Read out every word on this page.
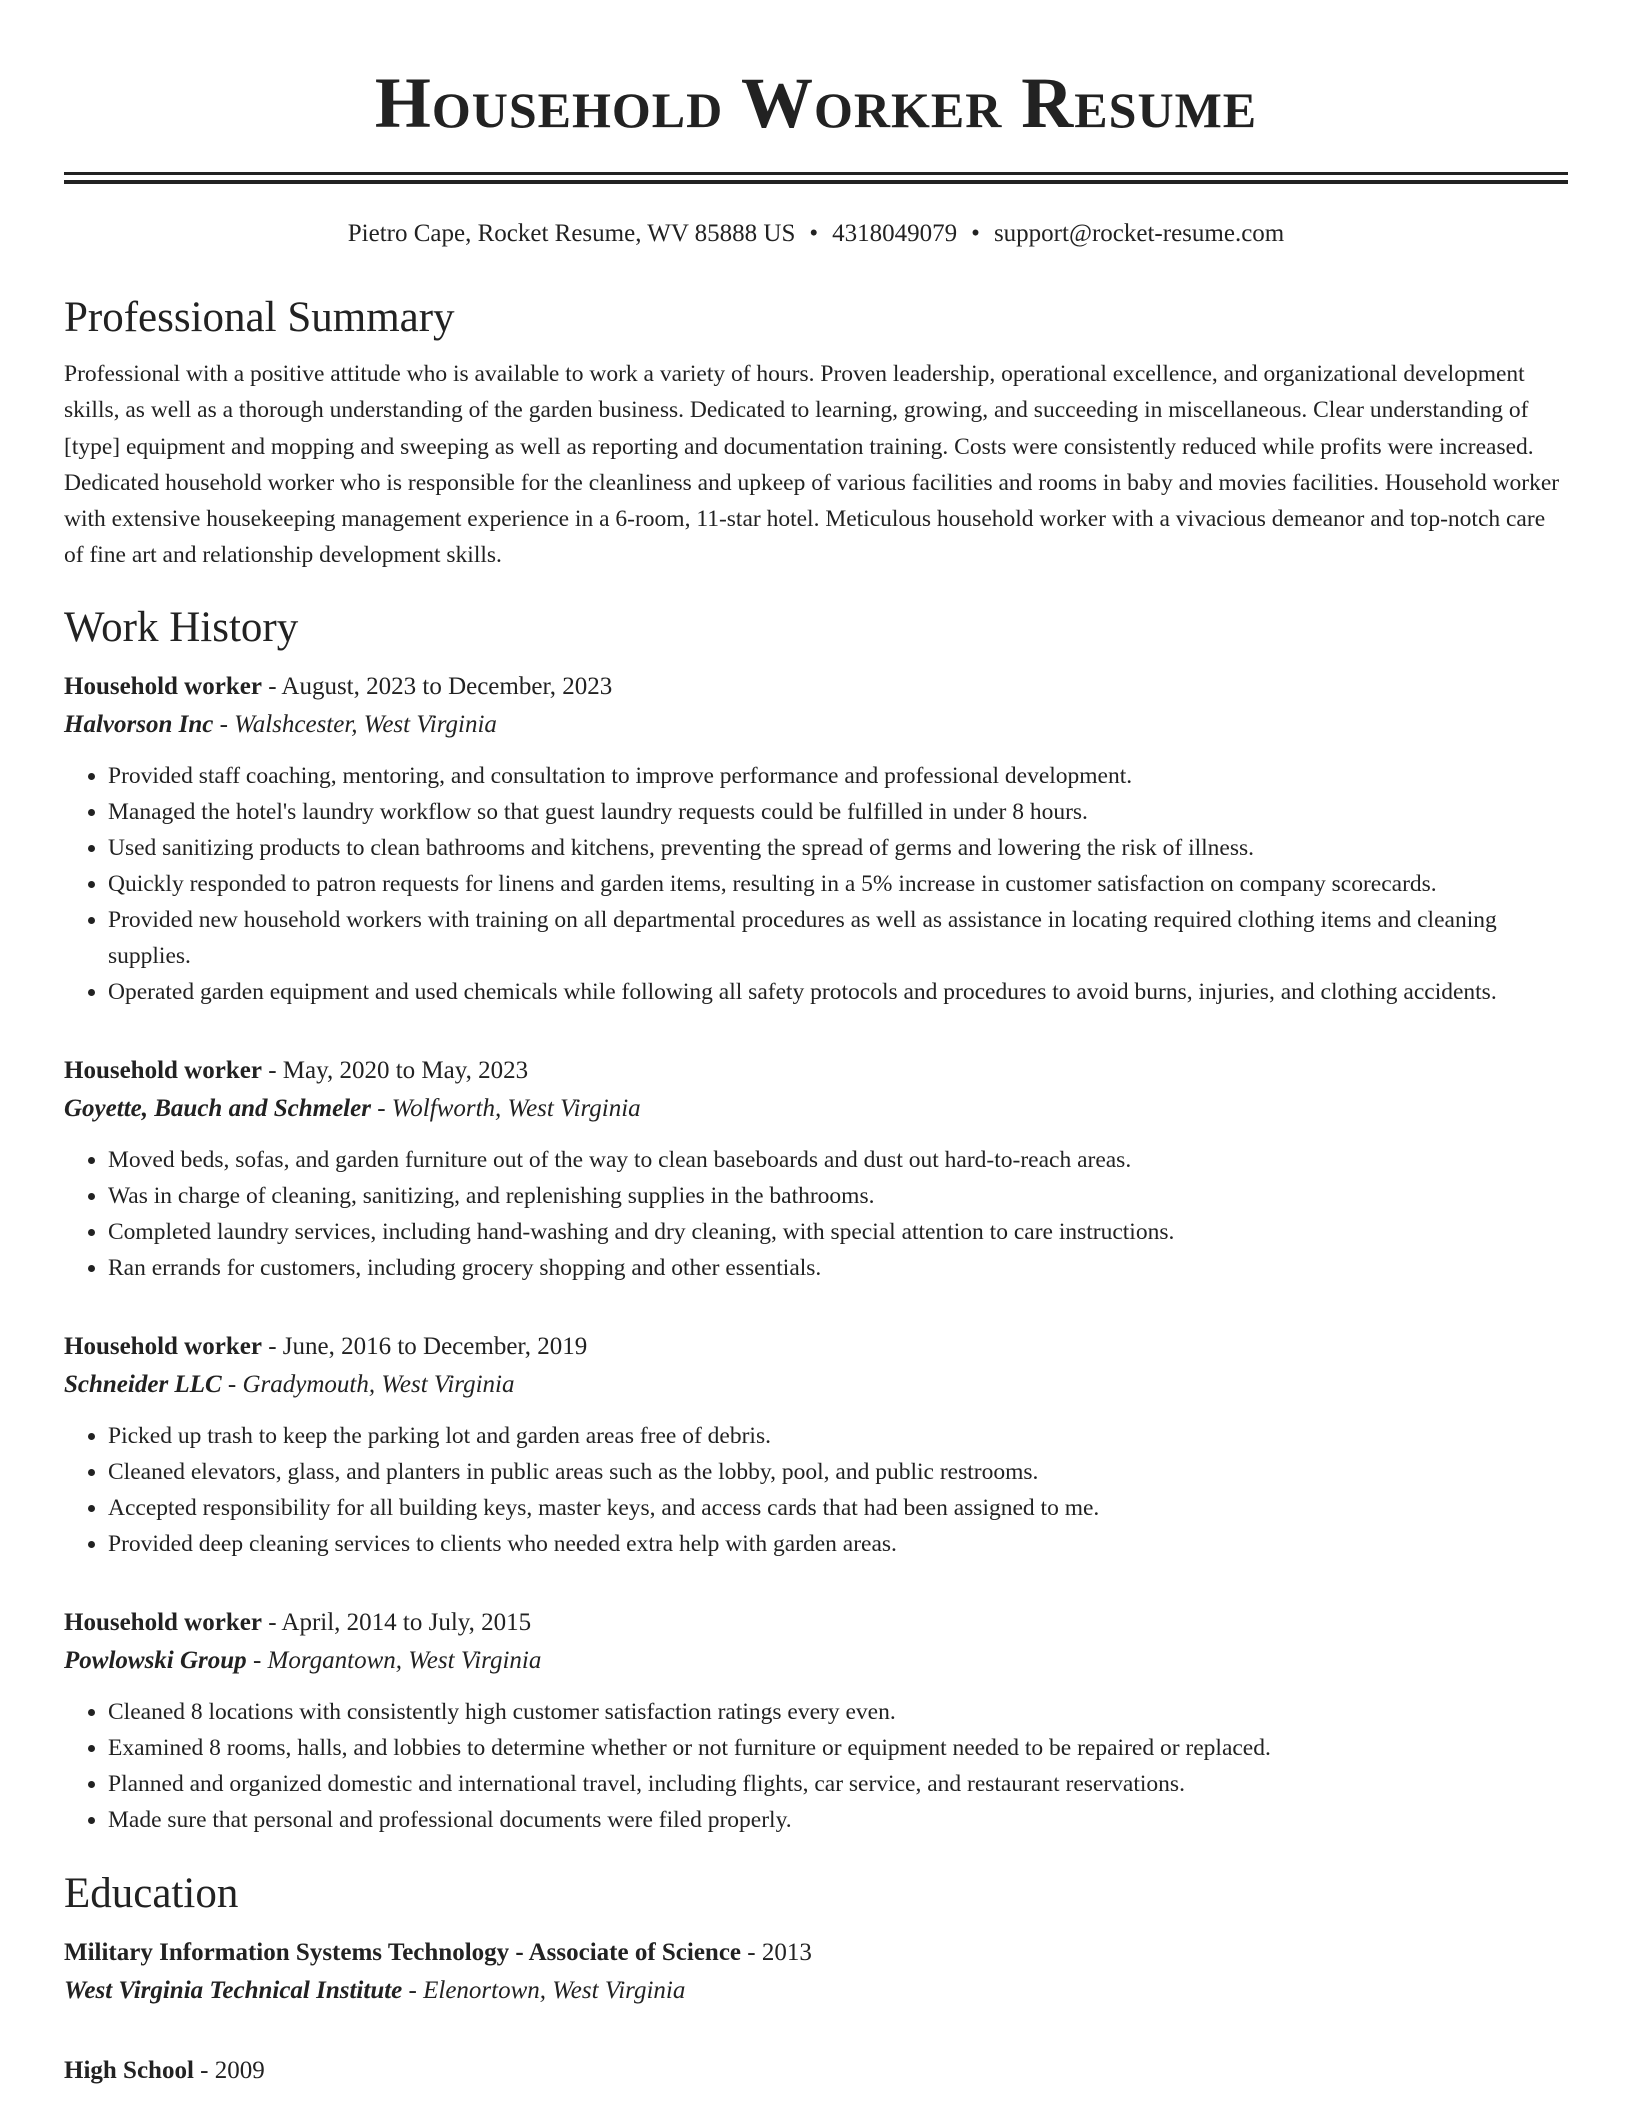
Household Worker Resume
Pietro Cape, Rocket Resume, WV 85888 US • 4318049079 • support@rocket-resume.com
Professional Summary
Professional with a positive attitude who is available to work a variety of hours. Proven leadership, operational excellence, and organizational development skills, as well as a thorough understanding of the garden business. Dedicated to learning, growing, and succeeding in miscellaneous. Clear understanding of [type] equipment and mopping and sweeping as well as reporting and documentation training. Costs were consistently reduced while profits were increased. Dedicated household worker who is responsible for the cleanliness and upkeep of various facilities and rooms in baby and movies facilities. Household worker with extensive housekeeping management experience in a 6-room, 11-star hotel. Meticulous household worker with a vivacious demeanor and top-notch care of fine art and relationship development skills.
Work History
Household worker - August, 2023 to December, 2023
Halvorson Inc - Walshcester, West Virginia
• Provided staff coaching, mentoring, and consultation to improve performance and professional development.
• Managed the hotel's laundry workflow so that guest laundry requests could be fulfilled in under 8 hours.
• Used sanitizing products to clean bathrooms and kitchens, preventing the spread of germs and lowering the risk of illness.
• Quickly responded to patron requests for linens and garden items, resulting in a 5% increase in customer satisfaction on company scorecards.
• Provided new household workers with training on all departmental procedures as well as assistance in locating required clothing items and cleaning supplies.
• Operated garden equipment and used chemicals while following all safety protocols and procedures to avoid burns, injuries, and clothing accidents.
Household worker - May, 2020 to May, 2023
Goyette, Bauch and Schmeler - Wolfworth, West Virginia
• Moved beds, sofas, and garden furniture out of the way to clean baseboards and dust out hard-to-reach areas.
• Was in charge of cleaning, sanitizing, and replenishing supplies in the bathrooms.
• Completed laundry services, including hand-washing and dry cleaning, with special attention to care instructions.
• Ran errands for customers, including grocery shopping and other essentials.
Household worker - June, 2016 to December, 2019
Schneider LLC - Gradymouth, West Virginia
• Picked up trash to keep the parking lot and garden areas free of debris.
• Cleaned elevators, glass, and planters in public areas such as the lobby, pool, and public restrooms.
• Accepted responsibility for all building keys, master keys, and access cards that had been assigned to me.
• Provided deep cleaning services to clients who needed extra help with garden areas.
Household worker - April, 2014 to July, 2015
Powlowski Group - Morgantown, West Virginia
• Cleaned 8 locations with consistently high customer satisfaction ratings every even.
• Examined 8 rooms, halls, and lobbies to determine whether or not furniture or equipment needed to be repaired or replaced.
• Planned and organized domestic and international travel, including flights, car service, and restaurant reservations.
• Made sure that personal and professional documents were filed properly.
Education
Military Information Systems Technology - Associate of Science - 2013
West Virginia Technical Institute - Elenortown, West Virginia
High School - 2009
